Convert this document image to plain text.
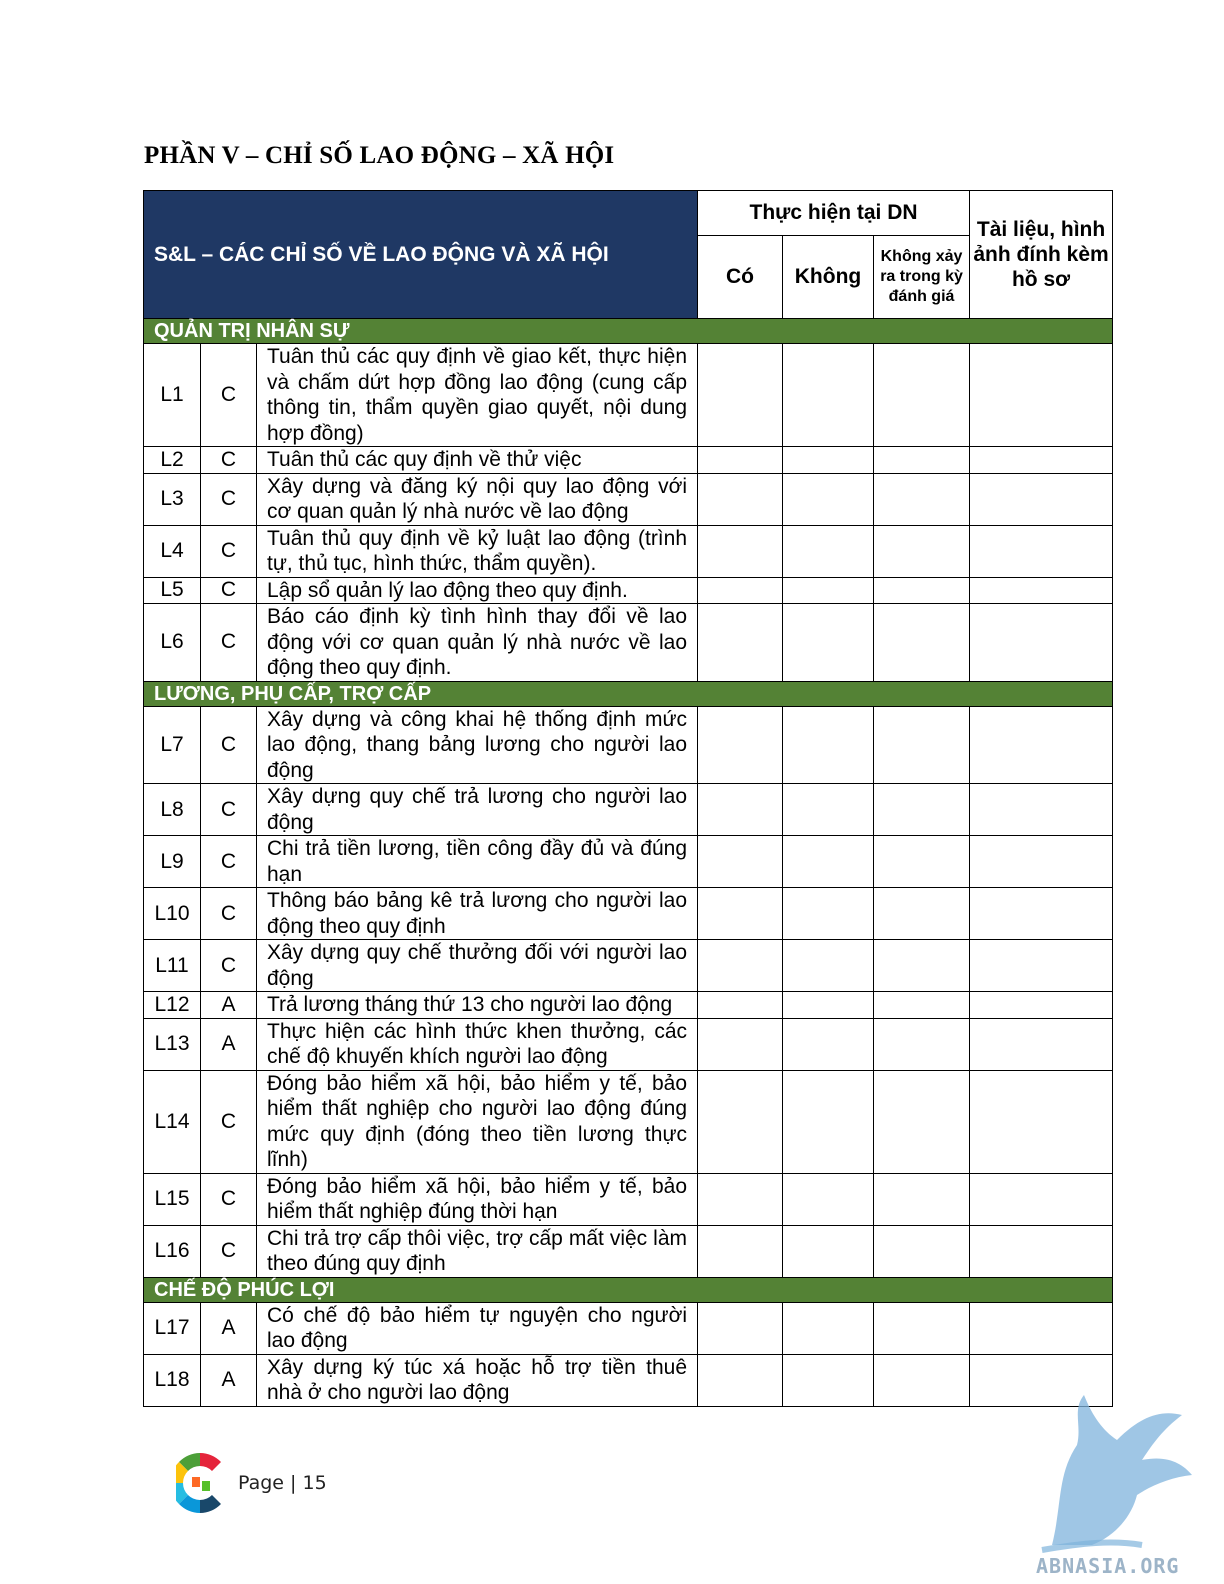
PHẦN V – CHỈ SỐ LAO ĐỘNG – XÃ HỘI
S&L – CÁC CHỈ SỐ VỀ LAO ĐỘNG VÀ XÃ HỘI			Thực hiện tại DN			Tài liệu, hình ảnh đính kèm hồ sơ
			Có	Không	Không xảy ra trong kỳ đánh giá	
QUẢN TRỊ NHÂN SỰ						
L1	C	Tuân thủ các quy định về giao kết, thực hiện và chấm dứt hợp đồng lao động (cung cấp thông tin, thẩm quyền giao quyết, nội dung hợp đồng)				
L2	C	Tuân thủ các quy định về thử việc				
L3	C	Xây dựng và đăng ký nội quy lao động với cơ quan quản lý nhà nước về lao động				
L4	C	Tuân thủ quy định về kỷ luật lao động (trình tự, thủ tục, hình thức, thẩm quyền).				
L5	C	Lập sổ quản lý lao động theo quy định.				
L6	C	Báo cáo định kỳ tình hình thay đổi về lao động với cơ quan quản lý nhà nước về lao động theo quy định.				
LƯƠNG, PHỤ CẤP, TRỢ CẤP						
L7	C	Xây dựng và công khai hệ thống định mức lao động, thang bảng lương cho người lao động				
L8	C	Xây dựng quy chế trả lương cho người lao động				
L9	C	Chi trả tiền lương, tiền công đầy đủ và đúng hạn				
L10	C	Thông báo bảng kê trả lương cho người lao động theo quy định				
L11	C	Xây dựng quy chế thưởng đối với người lao động				
L12	A	Trả lương tháng thứ 13 cho người lao động				
L13	A	Thực hiện các hình thức khen thưởng, các chế độ khuyến khích người lao động				
L14	C	Đóng bảo hiểm xã hội, bảo hiểm y tế, bảo hiểm thất nghiệp cho người lao động đúng mức quy định (đóng theo tiền lương thực lĩnh)				
L15	C	Đóng bảo hiểm xã hội, bảo hiểm y tế, bảo hiểm thất nghiệp đúng thời hạn				
L16	C	Chi trả trợ cấp thôi việc, trợ cấp mất việc làm theo đúng quy định				
CHẾ ĐỘ PHÚC LỢI						
L17	A	Có chế độ bảo hiểm tự nguyện cho người lao động				
L18	A	Xây dựng ký túc xá hoặc hỗ trợ tiền thuê nhà ở cho người lao động				
Page | 15
ABNASIA.ORG
